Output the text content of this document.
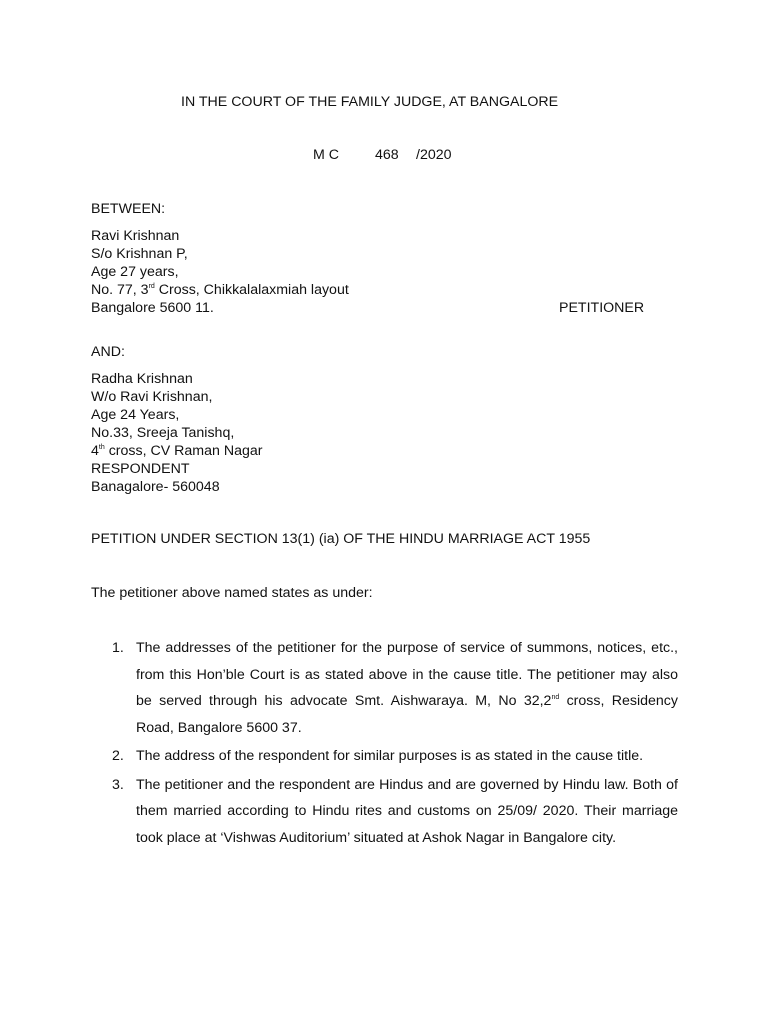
IN THE COURT OF THE FAMILY JUDGE, AT BANGALORE
M C	468 /2020
BETWEEN:
Ravi Krishnan
S/o Krishnan P,
Age 27 years,
No. 77, 3rd Cross, Chikkalalaxmiah layout
Bangalore 5600 11.	PETITIONER
AND:
Radha Krishnan
W/o Ravi Krishnan,
Age 24 Years,
No.33, Sreeja Tanishq,
4th cross, CV Raman Nagar
RESPONDENT
Banagalore- 560048
PETITION UNDER SECTION 13(1) (ia) OF THE HINDU MARRIAGE ACT 1955
The petitioner above named states as under:
1. The addresses of the petitioner for the purpose of service of summons, notices, etc., from this Hon’ble Court is as stated above in the cause title. The petitioner may also be served through his advocate Smt. Aishwaraya. M, No 32,2nd cross, Residency Road, Bangalore 5600 37.
2. The address of the respondent for similar purposes is as stated in the cause title.
3. The petitioner and the respondent are Hindus and are governed by Hindu law. Both of them married according to Hindu rites and customs on 25/09/ 2020. Their marriage took place at ‘Vishwas Auditorium’ situated at Ashok Nagar in Bangalore city.
